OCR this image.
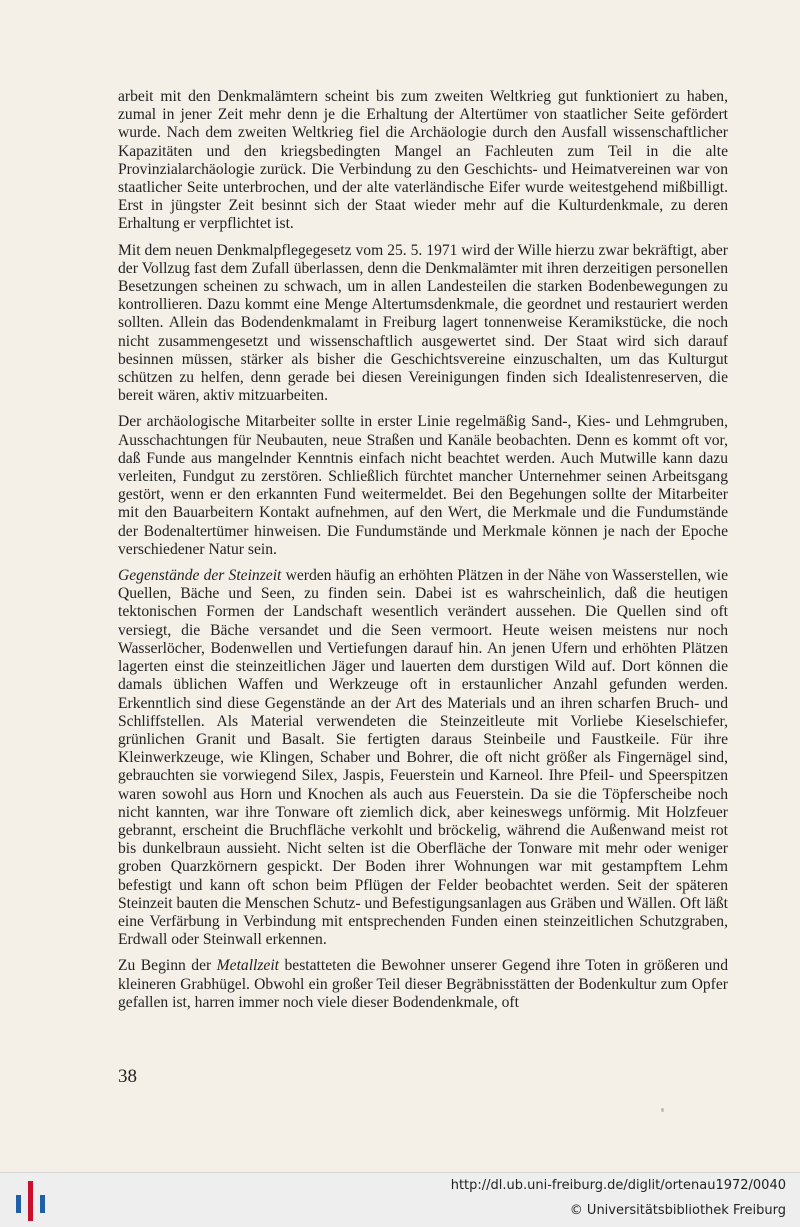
arbeit mit den Denkmalämtern scheint bis zum zweiten Weltkrieg gut funktioniert zu haben, zumal in jener Zeit mehr denn je die Erhaltung der Altertümer von staatlicher Seite gefördert wurde. Nach dem zweiten Weltkrieg fiel die Archäologie durch den Ausfall wissenschaftlicher Kapazitäten und den kriegsbedingten Mangel an Fachleuten zum Teil in die alte Provinzialarchäologie zurück. Die Verbindung zu den Geschichts- und Heimatvereinen war von staatlicher Seite unterbrochen, und der alte vaterländische Eifer wurde weitestgehend mißbilligt. Erst in jüngster Zeit besinnt sich der Staat wieder mehr auf die Kulturdenkmale, zu deren Erhaltung er verpflichtet ist.

Mit dem neuen Denkmalpflegegesetz vom 25. 5. 1971 wird der Wille hierzu zwar bekräftigt, aber der Vollzug fast dem Zufall überlassen, denn die Denkmalämter mit ihren derzeitigen personellen Besetzungen scheinen zu schwach, um in allen Landesteilen die starken Bodenbewegungen zu kontrollieren. Dazu kommt eine Menge Altertumsdenkmale, die geordnet und restauriert werden sollten. Allein das Bodendenkmalamt in Freiburg lagert tonnenweise Keramikstücke, die noch nicht zusammengesetzt und wissenschaftlich ausgewertet sind. Der Staat wird sich darauf besinnen müssen, stärker als bisher die Geschichtsvereine einzuschalten, um das Kulturgut schützen zu helfen, denn gerade bei diesen Vereinigungen finden sich Idealistenreserven, die bereit wären, aktiv mitzuarbeiten.

Der archäologische Mitarbeiter sollte in erster Linie regelmäßig Sand-, Kies- und Lehmgruben, Ausschachtungen für Neubauten, neue Straßen und Kanäle beobachten. Denn es kommt oft vor, daß Funde aus mangelnder Kenntnis einfach nicht beachtet werden. Auch Mutwille kann dazu verleiten, Fundgut zu zerstören. Schließlich fürchtet mancher Unternehmer seinen Arbeitsgang gestört, wenn er den erkannten Fund weitermeldet. Bei den Begehungen sollte der Mitarbeiter mit den Bauarbeitern Kontakt aufnehmen, auf den Wert, die Merkmale und die Fundumstände der Bodenaltertümer hinweisen. Die Fundumstände und Merkmale können je nach der Epoche verschiedener Natur sein.

Gegenstände der Steinzeit werden häufig an erhöhten Plätzen in der Nähe von Wasserstellen, wie Quellen, Bäche und Seen, zu finden sein. Dabei ist es wahrscheinlich, daß die heutigen tektonischen Formen der Landschaft wesentlich verändert aussehen. Die Quellen sind oft versiegt, die Bäche versandet und die Seen vermoort. Heute weisen meistens nur noch Wasserlöcher, Bodenwellen und Vertiefungen darauf hin. An jenen Ufern und erhöhten Plätzen lagerten einst die steinzeitlichen Jäger und lauerten dem durstigen Wild auf. Dort können die damals üblichen Waffen und Werkzeuge oft in erstaunlicher Anzahl gefunden werden. Erkenntlich sind diese Gegenstände an der Art des Materials und an ihren scharfen Bruch- und Schliffstellen. Als Material verwendeten die Steinzeitleute mit Vorliebe Kieselschiefer, grünlichen Granit und Basalt. Sie fertigten daraus Steinbeile und Faustkeile. Für ihre Kleinwerkzeuge, wie Klingen, Schaber und Bohrer, die oft nicht größer als Fingernägel sind, gebrauchten sie vorwiegend Silex, Jaspis, Feuerstein und Karneol. Ihre Pfeil- und Speerspitzen waren sowohl aus Horn und Knochen als auch aus Feuerstein. Da sie die Töpferscheibe noch nicht kannten, war ihre Tonware oft ziemlich dick, aber keineswegs unförmig. Mit Holzfeuer gebrannt, erscheint die Bruchfläche verkohlt und bröckelig, während die Außenwand meist rot bis dunkelbraun aussieht. Nicht selten ist die Oberfläche der Tonware mit mehr oder weniger groben Quarzkörnern gespickt. Der Boden ihrer Wohnungen war mit gestampftem Lehm befestigt und kann oft schon beim Pflügen der Felder beobachtet werden. Seit der späteren Steinzeit bauten die Menschen Schutz- und Befestigungsanlagen aus Gräben und Wällen. Oft läßt eine Verfärbung in Verbindung mit entsprechenden Funden einen steinzeitlichen Schutzgraben, Erdwall oder Steinwall erkennen.

Zu Beginn der Metallzeit bestatteten die Bewohner unserer Gegend ihre Toten in größeren und kleineren Grabhügel. Obwohl ein großer Teil dieser Begräbnisstätten der Bodenkultur zum Opfer gefallen ist, harren immer noch viele dieser Bodendenkmale, oft

38
http://dl.ub.uni-freiburg.de/diglit/ortenau1972/0040
© Universitätsbibliothek Freiburg
